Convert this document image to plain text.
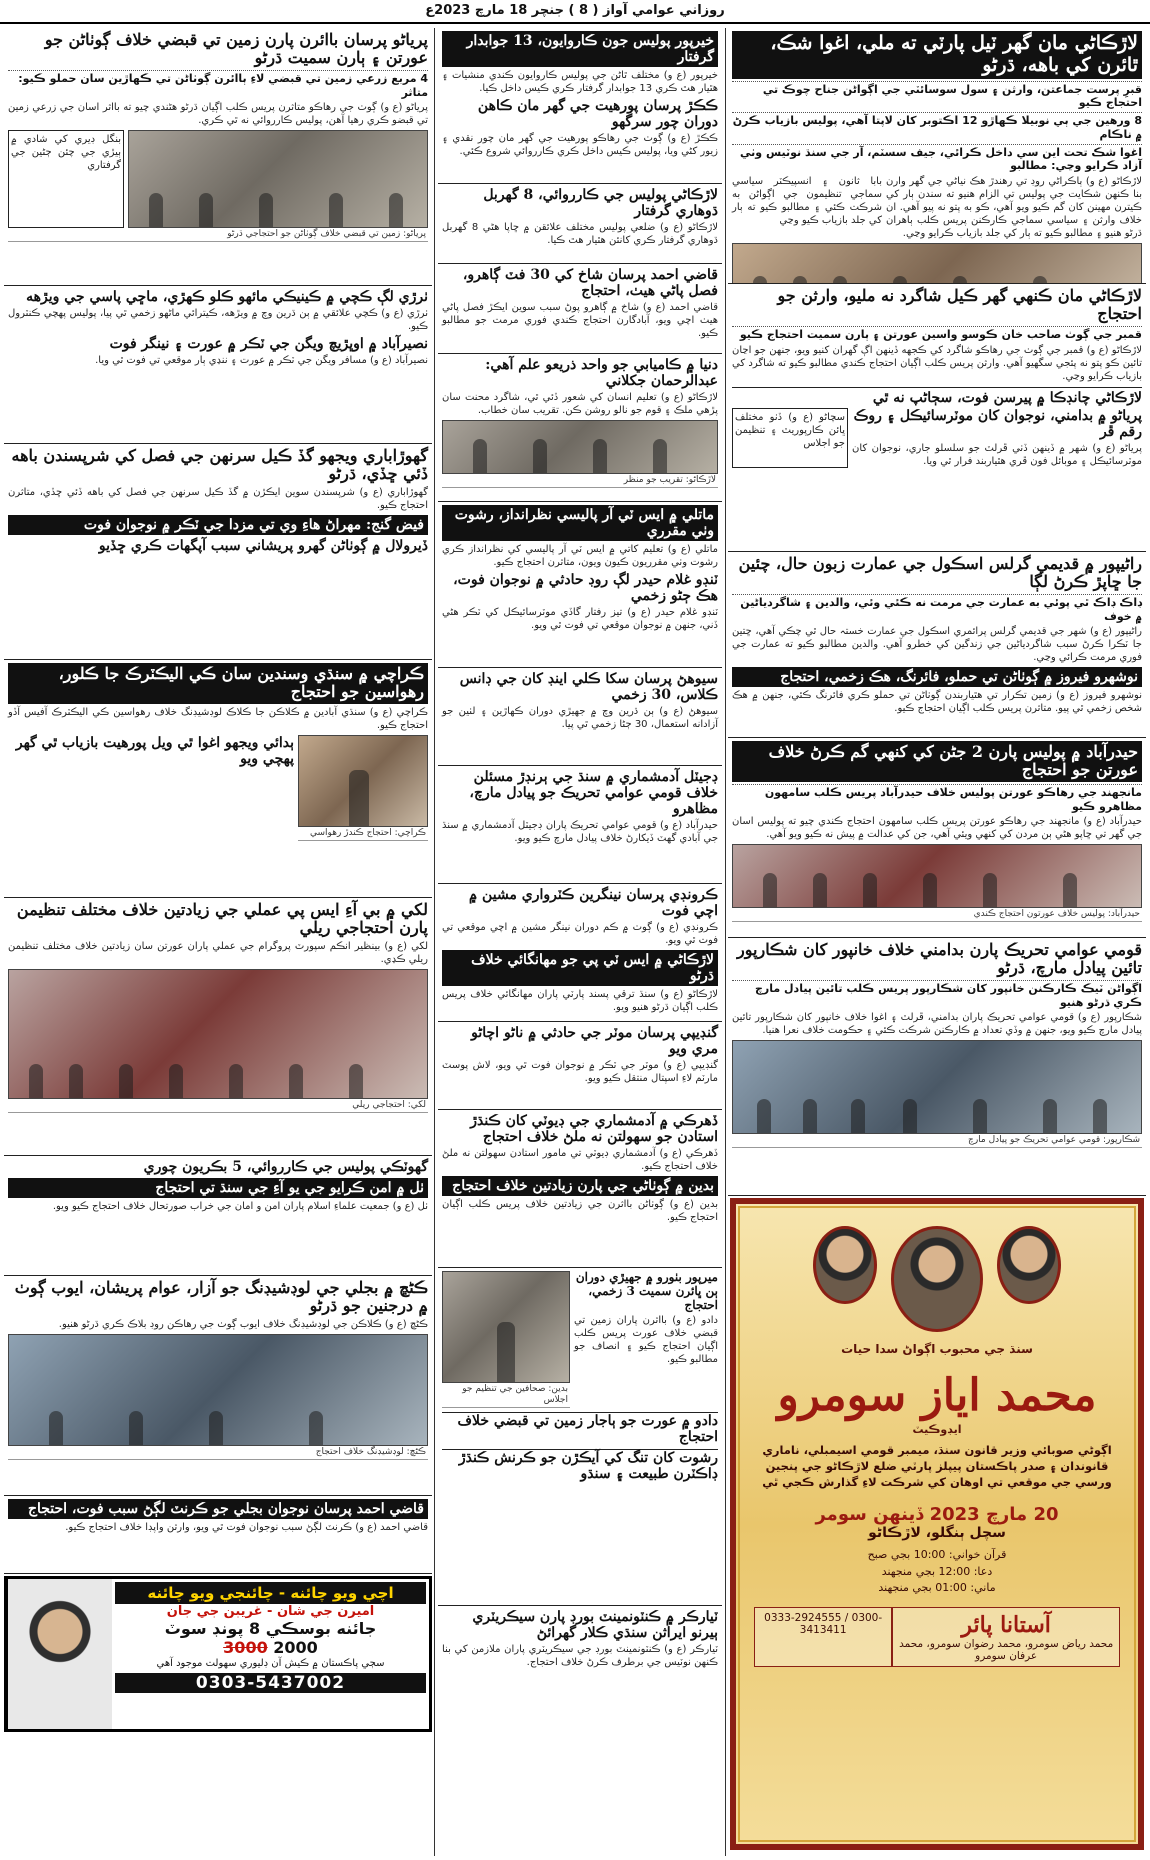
روزاني عوامي آواز ( 8 ) جنچر 18 مارچ 2023ع
لاڙڪاڻي مان گهر ٽيل پارٽي ته ملي، اغوا شڪ، ٿائرن کي باهه، ڌرڻو
قبرِ پرست جماعتن، وارثن ۽ سول سوسائٽي جي اڳواڻن جناح چوڪ تي احتجاج ڪيو
8 ورهين جي ٻي نوبيلا ڪهاڙو 12 اڪتوبر کان لاپتا آهي، پوليس بازياب ڪرڻ ۾ ناڪام
اغوا شڪ تحت اين سي داخل ڪرائي، جيف سسٽم، آر جي سنڌ نوٽيس وٺي آزاد ڪرايو وڃي: مطالبو
لاڙڪاڻو (ع و) ٻاڪراڻي روڊ تي رهندڙ هڪ نياڻي جي گهر وارن بنا ڪنهن شڪايت جي پوليس تي الزام هنيو ته سندن ٻار کي ڪيترن مهينن کان گم ڪيو ويو آهي، ڪو به پتو نه پيو آهي. ان خلاف وارثن ۽ سياسي سماجي ڪارڪنن پريس ڪلب ٻاهران ڌرڻو هنيو ۽ مطالبو ڪيو ته ٻار کي جلد بازياب ڪرايو وڃي.
بابا ثانون ۽ انسپيڪٽر سياسي سماجي تنظيمون جي اڳواڻن به شرڪت ڪئي ۽ مطالبو ڪيو ته ٻار کي جلد بازياب ڪيو وڃي
لاڙڪاڻي مان ڪنهي گهر ڪيل شاگرد نه مليو، وارثن جو احتجاج
قمبر جي ڳوٺ صاحب خان ڪوسو واسين عورتن ۽ ٻارن سميت احتجاج ڪيو
لاڙڪاڻو (ع و) قمبر جي ڳوٺ جي رهاڪو شاگرد کي ڪجهه ڏينهن اڳ گهران کنيو ويو، جنهن جو اڃان تائين ڪو پتو نه پئجي سگهيو آهي. وارثن پريس ڪلب اڳيان احتجاج ڪندي مطالبو ڪيو ته شاگرد کي بازياب ڪرايو وڃي.
لاڙڪاڻي چانڊڪا ۾ پيرسن فوت، سڄاڻپ نه ٿي
پرياڻو ۾ بدامني، نوجوان کان موٽرسائيڪل ۽ روڪ رقم ڦر
پرياڻو (ع و) شهر ۾ ڏينهن ڏٺي ڦرلٽ جو سلسلو جاري، نوجوان کان موٽرسائيڪل ۽ موبائل فون ڦري هٿياربند فرار ٿي ويا.
سچاڻو (ع و) ڏٺو مختلف ڀائن ڪارپوريٽ ۽ تنظيمن جو اجلاس
راڻيپور ۾ قديمي گرلس اسڪول جي عمارت زبون حال، چئين جا ڇاپڙ ڪرڻ لڳا
ڊاڪ ڊاڪ ٿي پوئي به عمارت جي مرمت نه ڪئي وئي، والدين ۽ شاگردياڻين ۾ خوف
راڻيپور (ع و) شهر جي قديمي گرلس پرائمري اسڪول جي عمارت خستہ حال ٿي چڪي آهي، ڇتين جا ٽڪرا ڪرڻ سبب شاگردياڻين جي زندگين کي خطرو آهي. والدين مطالبو ڪيو ته عمارت جي فوري مرمت ڪرائي وڃي.
نوشهرو فيروز ۾ ڳوٺاڻن تي حملو، فائرنگ، هڪ زخمي، احتجاج
نوشهرو فيروز (ع و) زمين تڪرار تي هٿياربندن ڳوٺاڻن تي حملو ڪري فائرنگ ڪئي، جنهن ۾ هڪ شخص زخمي ٿي پيو. متاثرن پريس ڪلب اڳيان احتجاج ڪيو.
حيدرآباد ۾ پوليس پارن 2 جڻن کي کنهي گم ڪرڻ خلاف عورتن جو احتجاج
مانجهند جي رهاڪو عورتن پوليس خلاف حيدرآباد پريس ڪلب سامهون مظاهرو ڪيو
حيدرآباد (ع و) مانجهند جي رهاڪو عورتن پريس ڪلب سامهون احتجاج ڪندي چيو ته پوليس اسان جي گهر تي ڇاپو هڻي ٻن مردن کي کنهي ويئي آهي، جن کي عدالت ۾ پيش نه ڪيو ويو آهي.
حيدرآباد: پوليس خلاف عورتون احتجاج ڪندي
قومي عوامي تحريڪ پارن بدامني خلاف خانپور کان شڪارپور تائين پيادل مارچ، ڌرڻو
اڳواڻن ٽيڪ ڪارڪنن خانپور کان شڪارپور پريس ڪلب تائين پيادل مارچ ڪري ڌرڻو هنيو
شڪارپور (ع و) قومي عوامي تحريڪ پاران بدامني، ڦرلٽ ۽ اغوا خلاف خانپور کان شڪارپور تائين پيادل مارچ ڪيو ويو، جنهن ۾ وڏي تعداد ۾ ڪارڪنن شرڪت ڪئي ۽ حڪومت خلاف نعرا هنيا.
شڪارپور: قومي عوامي تحريڪ جو پيادل مارچ
سنڌ جي محبوب اڳواڻ سدا حيات
محمد اياز سومرو
ايڊوڪيٽ
اڳوڻي صوبائي وزير قانون سنڌ، ميمبر قومي اسيمبلي، ناماري قانوندان ۽ صدر پاڪستان پيپلز پارٽي ضلع لاڙڪاڻو جي پنجين ورسي جي موقعي تي اوهان کي شرڪت لاءِ گذارش ڪجي ٿي
20 مارچ 2023 ڏينهن سومر
سچل ٻنگلو، لاڙڪاڻو
قرآن خواني: 10:00 بجي صبح
دعا: 12:00 بجي منجهند
ماني: 01:00 بجي منجهند
آستانا پائر
محمد رياض سومرو، محمد رضوان سومرو، محمد عرفان سومرو
0333-2924555 / 0300-3413411
خيرپور پوليس جون ڪاروايون، 13 جوابدار گرفتار
خيرپور (ع و) مختلف ٿاڻن جي پوليس ڪاروايون ڪندي منشيات ۽ هٿيار هٿ ڪري 13 جوابدار گرفتار ڪري ڪيس داخل ڪيا.
ڪڪڙ پرسان پورهيت جي گهر مان ڪاهن دوران چور سرگهو
ڪڪڙ (ع و) ڳوٺ جي رهاڪو پورهيت جي گهر مان چور نقدي ۽ زيور کڻي ويا، پوليس ڪيس داخل ڪري ڪارروائي شروع ڪئي.
لاڙڪاڻي پوليس جي ڪارروائي، 8 گهربل ڌوهاري گرفتار
لاڙڪاڻو (ع و) ضلعي پوليس مختلف علائقن ۾ ڇاپا هڻي 8 گهربل ڌوهاري گرفتار ڪري کانئن هٿيار هٿ ڪيا.
قاضي احمد پرسان شاخ کي 30 فٽ ڳاهرو، فصل پاڻي هيٺ، احتجاج
قاضي احمد (ع و) شاخ ۾ ڳاهرو پوڻ سبب سوين ايڪڙ فصل پاڻي هيٺ اچي ويو، آبادگارن احتجاج ڪندي فوري مرمت جو مطالبو ڪيو.
دنيا ۾ ڪاميابي جو واحد ذريعو علم آهي: عبدالرحمان جکلاني
لاڙڪاڻو (ع و) تعليم انسان کي شعور ڏئي ٿي، شاگرد محنت سان پڙهي ملڪ ۽ قوم جو نالو روشن ڪن. تقريب سان خطاب.
لاڙڪاڻو: تقريب جو منظر
ماتلي ۾ ايس ٽي آر پاليسي نظرانداز، رشوت وٺي مقرري
ماتلي (ع و) تعليم کاتي ۾ ايس ٽي آر پاليسي کي نظرانداز ڪري رشوت وٺي مقرريون ڪيون ويون، متاثرن احتجاج ڪيو.
ٽنڊو غلام حيدر لڳ روڊ حادثي ۾ نوجوان فوت، هڪ ڄڻو زخمي
ٽنڊو غلام حيدر (ع و) تيز رفتار گاڏي موٽرسائيڪل کي ٽڪر هڻي ڏني، جنهن ۾ نوجوان موقعي تي فوت ٿي ويو.
سيوهڻ پرسان سکا ڪلي اينڊ کان جي ڊانس ڪلاس، 30 زخمي
سيوهڻ (ع و) ٻن ڌرين وچ ۾ جهيڙي دوران ڪهاڙين ۽ لٺين جو آزادانه استعمال، 30 ڄڻا زخمي ٿي پيا.
ڊجيٽل آدمشماري ۾ سنڌ جي ٻرنڊڙ مسئلن خلاف قومي عوامي تحريڪ جو پيادل مارچ، مظاهرو
حيدرآباد (ع و) قومي عوامي تحريڪ پاران ڊجيٽل آدمشماري ۾ سنڌ جي آبادي گهٽ ڏيکارڻ خلاف پيادل مارچ ڪيو ويو.
ڪرونڊي پرسان نينگرين ڪٽرواري مشين ۾ اچي فوت
ڪرونڊي (ع و) ڳوٺ ۾ ڪم دوران نينگر مشين ۾ اچي موقعي تي فوت ٿي ويو.
لاڙڪاڻي ۾ ايس ٽي پي جو مهانگائي خلاف ڌرڻو
لاڙڪاڻو (ع و) سنڌ ترقي پسند پارٽي پاران مهانگائي خلاف پريس ڪلب اڳيان ڌرڻو هنيو ويو.
گنڊيپي پرسان موٽر جي حادثي ۾ ناڻو اچاڻو مري ويو
گنڊيپي (ع و) موٽر جي ٽڪر ۾ نوجوان فوت ٿي ويو، لاش پوسٽ مارٽم لاءِ اسپتال منتقل ڪيو ويو.
ڏهرڪي ۾ آدمشماري جي ڊيوٽي کان ڪنڌڙ استادن جو سهولتن نه ملڻ خلاف احتجاج
ڏهرڪي (ع و) آدمشماري ڊيوٽي تي مامور استادن سهولتن نه ملڻ خلاف احتجاج ڪيو.
بدين ۾ ڳوٺاڻي جي پارن زيادتين خلاف احتجاج
بدين (ع و) ڳوٺاڻن بااثرن جي زيادتين خلاف پريس ڪلب اڳيان احتجاج ڪيو.
ميرپور بٺورو ۾ جهيڙي دوران ٻن ڀائرن سميت 3 زخمي، احتجاج
دادو (ع و) بااثرن پاران زمين تي قبضي خلاف عورت پريس ڪلب اڳيان احتجاج ڪيو ۽ انصاف جو مطالبو ڪيو.
بدين: صحافين جي تنظيم جو اجلاس
دادو ۾ عورت جو ٻاجار زمين تي قبضي خلاف احتجاج
رشوت کان تنگ کي آيڪڙن جو ڪرنش ڪنڌڙ ڊاڪٽرن طبيعت ۽ سنڌو
ٽيارڪر ۾ ڪنٽونمينٽ بورڊ پارن سيڪريٽري ٻيرنو ايراثن سنڌي ڪلار گهرائڻ
ٽيارڪر (ع و) ڪنٽونمينٽ بورڊ جي سيڪريٽري پاران ملازمن کي بنا ڪنهن نوٽيس جي برطرف ڪرڻ خلاف احتجاج.
پرياڻو پرسان باائرن پارن زمين تي قبضي خلاف ڳوٺاڻن جو عورتن ۽ ٻارن سميت ڌرڻو
4 مربع زرعي زمين تي قبضي لاءِ ٻاائرن ڳوٺاڻن تي ڪهاڙين سان حملو ڪيو: متاثر
پرياڻو (ع و) ڳوٺ جي رهاڪو متاثرن پريس ڪلب اڳيان ڌرڻو هڻندي چيو ته بااثر اسان جي زرعي زمين تي قبضو ڪري رهيا آهن، پوليس ڪارروائي نه ٿي ڪري.
بنگل ڊيري کي شادي ۾ ٻيڙي جي چئن ڄڻين جي گرفتاري
پرياڻو: زمين تي قبضي خلاف ڳوٺاڻن جو احتجاجي ڌرڻو
ٺرڙي لڳ ڪچي ۾ ڪينيڪي مائهو ڪلو ڪهڙي، ماڇي پاسي جي ويڙهه
ٺرڙي (ع و) ڪچي علائقي ۾ ٻن ڌرين وچ ۾ ويڙهه، ڪيترائي ماڻهو زخمي ٿي پيا، پوليس پهچي ڪنٽرول ڪيو.
نصيرآباد ۾ اوڀڙيچ ويگن جي ٽڪر ۾ عورت ۽ نينگر فوت
نصيرآباد (ع و) مسافر ويگن جي ٽڪر ۾ عورت ۽ ننڍي ٻار موقعي تي فوت ٿي ويا.
گهوڙاباري ويجهو گڏ ڪيل سرنهن جي فصل کي شرپسندن باهه ڏئي ڇڏي، ڌرڻو
گهوڙاباري (ع و) شرپسندن سوين ايڪڙن ۾ گڏ ڪيل سرنهن جي فصل کي باهه ڏئي ڇڏي، متاثرن احتجاج ڪيو.
فيض گنج: مهراڻ هاءِ وي تي مزدا جي ٽڪر ۾ نوجوان فوت
ڏيرولال ۾ ڳوٺاڻن گهرو پريشاني سبب آپگهات ڪري ڇڏيو
ڪراچي ۾ سنڌي وسندين سان ڪي اليڪٽرڪ جا ڪلور، رهواسين جو احتجاج
ڪراچي (ع و) سنڌي آبادين ۾ ڪلاڪن جا ڪلاڪ لوڊشيڊنگ خلاف رهواسين ڪي اليڪٽرڪ آفيس آڏو احتجاج ڪيو.
ڪراچي: احتجاج ڪندڙ رهواسي
ٻدائي ويجهو اغوا ٿي ويل پورهيت بازياب ٿي گهر پهچي ويو
لکي ۾ بي آءِ ايس پي عملي جي زيادتين خلاف مختلف تنظيمن پارن احتجاجي ريلي
لکي (ع و) بينظير انڪم سپورٽ پروگرام جي عملي پاران عورتن سان زيادتين خلاف مختلف تنظيمن ريلي ڪڍي.
لکي: احتجاجي ريلي
گهوٽڪي پوليس جي ڪارروائي، 5 بڪريون چوري
ٺل ۾ امن ڪرايو جي يو آءِ جي سنڌ تي احتجاج
ٺل (ع و) جمعيت علماءِ اسلام پاران امن و امان جي خراب صورتحال خلاف احتجاج ڪيو ويو.
ڪڻڇ ۾ بجلي جي لوڊشيڊنگ جو آزار، عوام پريشان، ايوب ڳوٺ ۾ درجنين جو ڌرڻو
ڪڻڇ (ع و) ڪلاڪن جي لوڊشيڊنگ خلاف ايوب ڳوٺ جي رهاڪن روڊ بلاڪ ڪري ڌرڻو هنيو.
ڪڻڇ: لوڊشيڊنگ خلاف احتجاج
قاضي احمد پرسان نوجوان بجلي جو ڪرنٽ لڳڻ سبب فوت، احتجاج
قاضي احمد (ع و) ڪرنٽ لڳڻ سبب نوجوان فوت ٿي ويو، وارثن واپڊا خلاف احتجاج ڪيو.
اچي ويو چائنه - چائنجي ويو چائنه
اميرن جي شان - غريبن جي جان
جائنه بوسڪي 8 پونڊ سوٽ
3000 2000
سڄي پاڪستان ۾ ڪيش آن ڊليوري سهولت موجود آهي
0303-5437002
